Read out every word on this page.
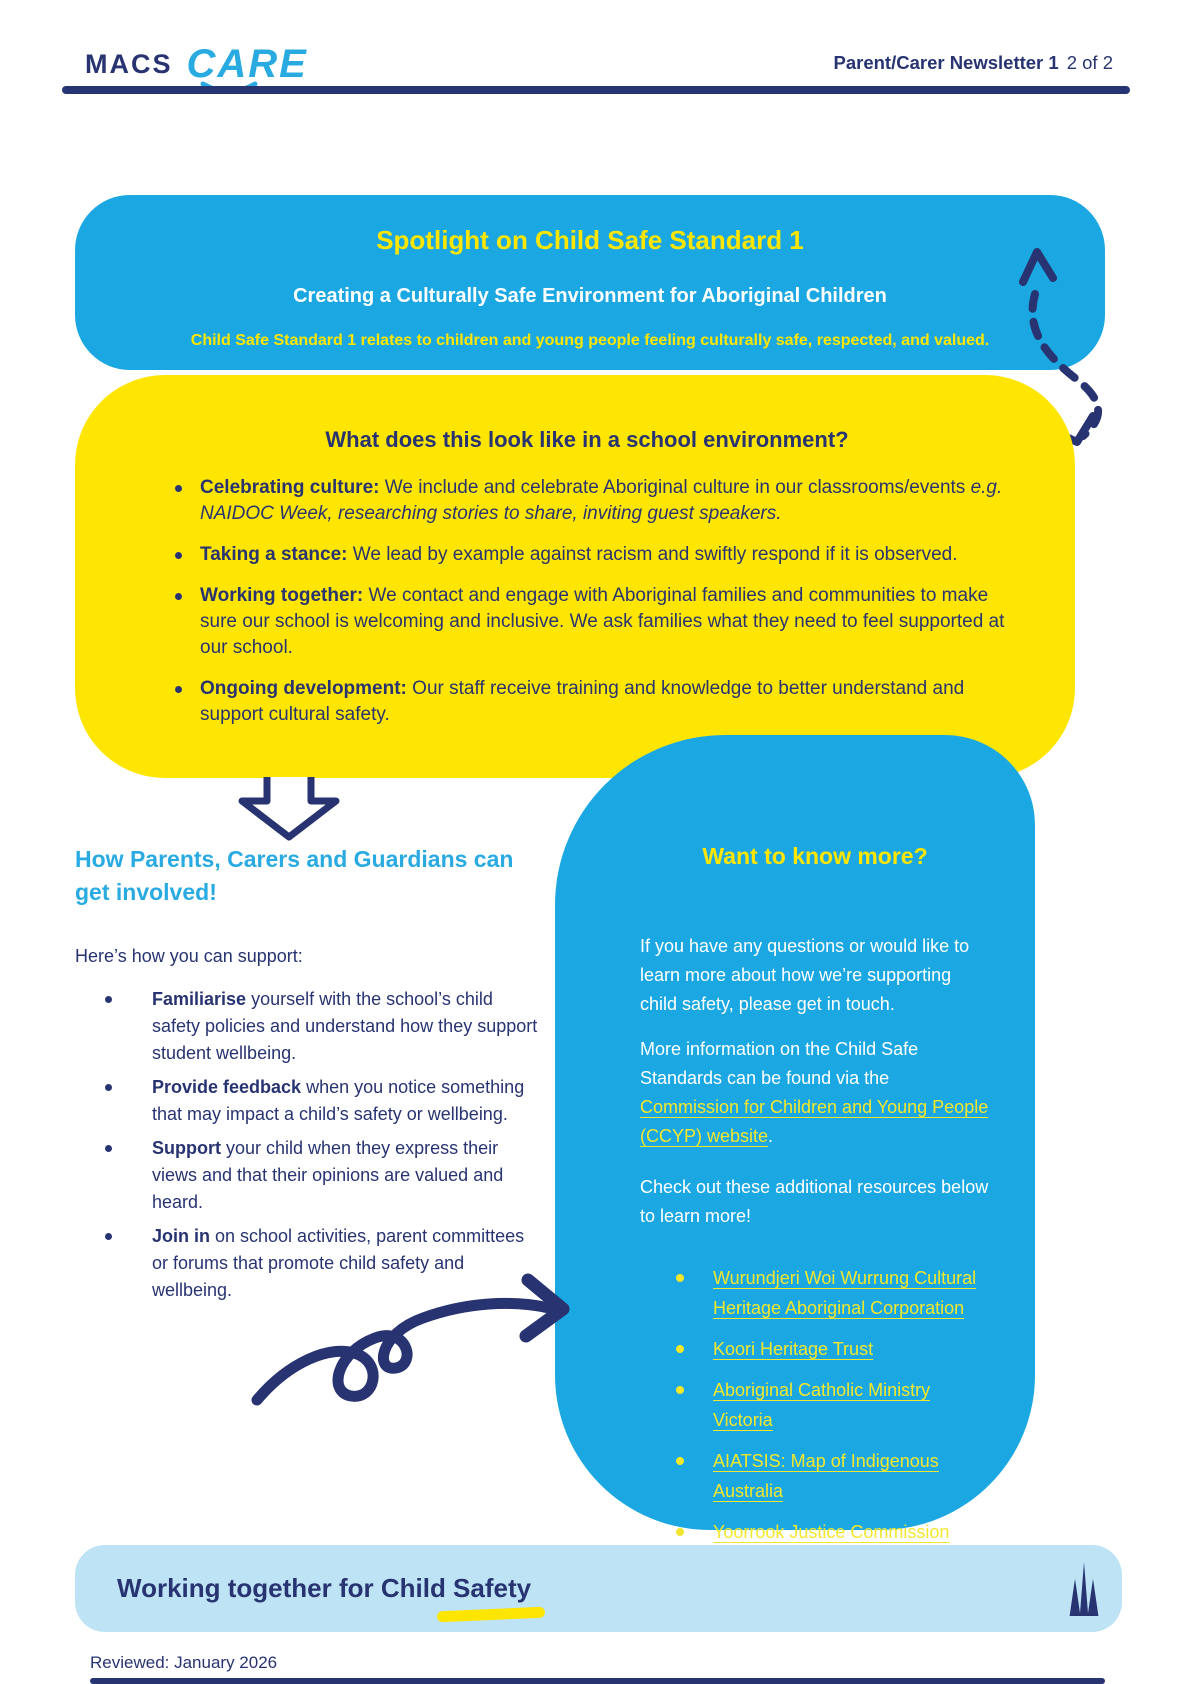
MACS CARE	Parent/Carer Newsletter 1 2 of 2
Spotlight on Child Safe Standard 1
Creating a Culturally Safe Environment for Aboriginal Children

Child Safe Standard 1 relates to children and young people feeling culturally safe, respected, and valued.

What does this look like in a school environment?
Celebrating culture: We include and celebrate Aboriginal culture in our classrooms/events e.g. NAIDOC Week, researching stories to share, inviting guest speakers.
Taking a stance: We lead by example against racism and swiftly respond if it is observed.
Working together: We contact and engage with Aboriginal families and communities to make sure our school is welcoming and inclusive. We ask families what they need to feel supported at our school.
Ongoing development: Our staff receive training and knowledge to better understand and support cultural safety.
How Parents, Carers and Guardians can get involved!

Here’s how you can support:

Familiarise yourself with the school’s child safety policies and understand how they support student wellbeing.
Provide feedback when you notice something that may impact a child’s safety or wellbeing.
Support your child when they express their views and that their opinions are valued and heard.
Join in on school activities, parent committees or forums that promote child safety and wellbeing.
Want to know more?

If you have any questions or would like to learn more about how we’re supporting child safety, please get in touch.

More information on the Child Safe Standards can be found via the Commission for Children and Young People (CCYP) website.

Check out these additional resources below to learn more!

Wurundjeri Woi Wurrung Cultural Heritage Aboriginal Corporation
Koori Heritage Trust
Aboriginal Catholic Ministry Victoria
AIATSIS: Map of Indigenous Australia
Yoorrook Justice Commission
Working together for Child Safety

Reviewed: January 2026
